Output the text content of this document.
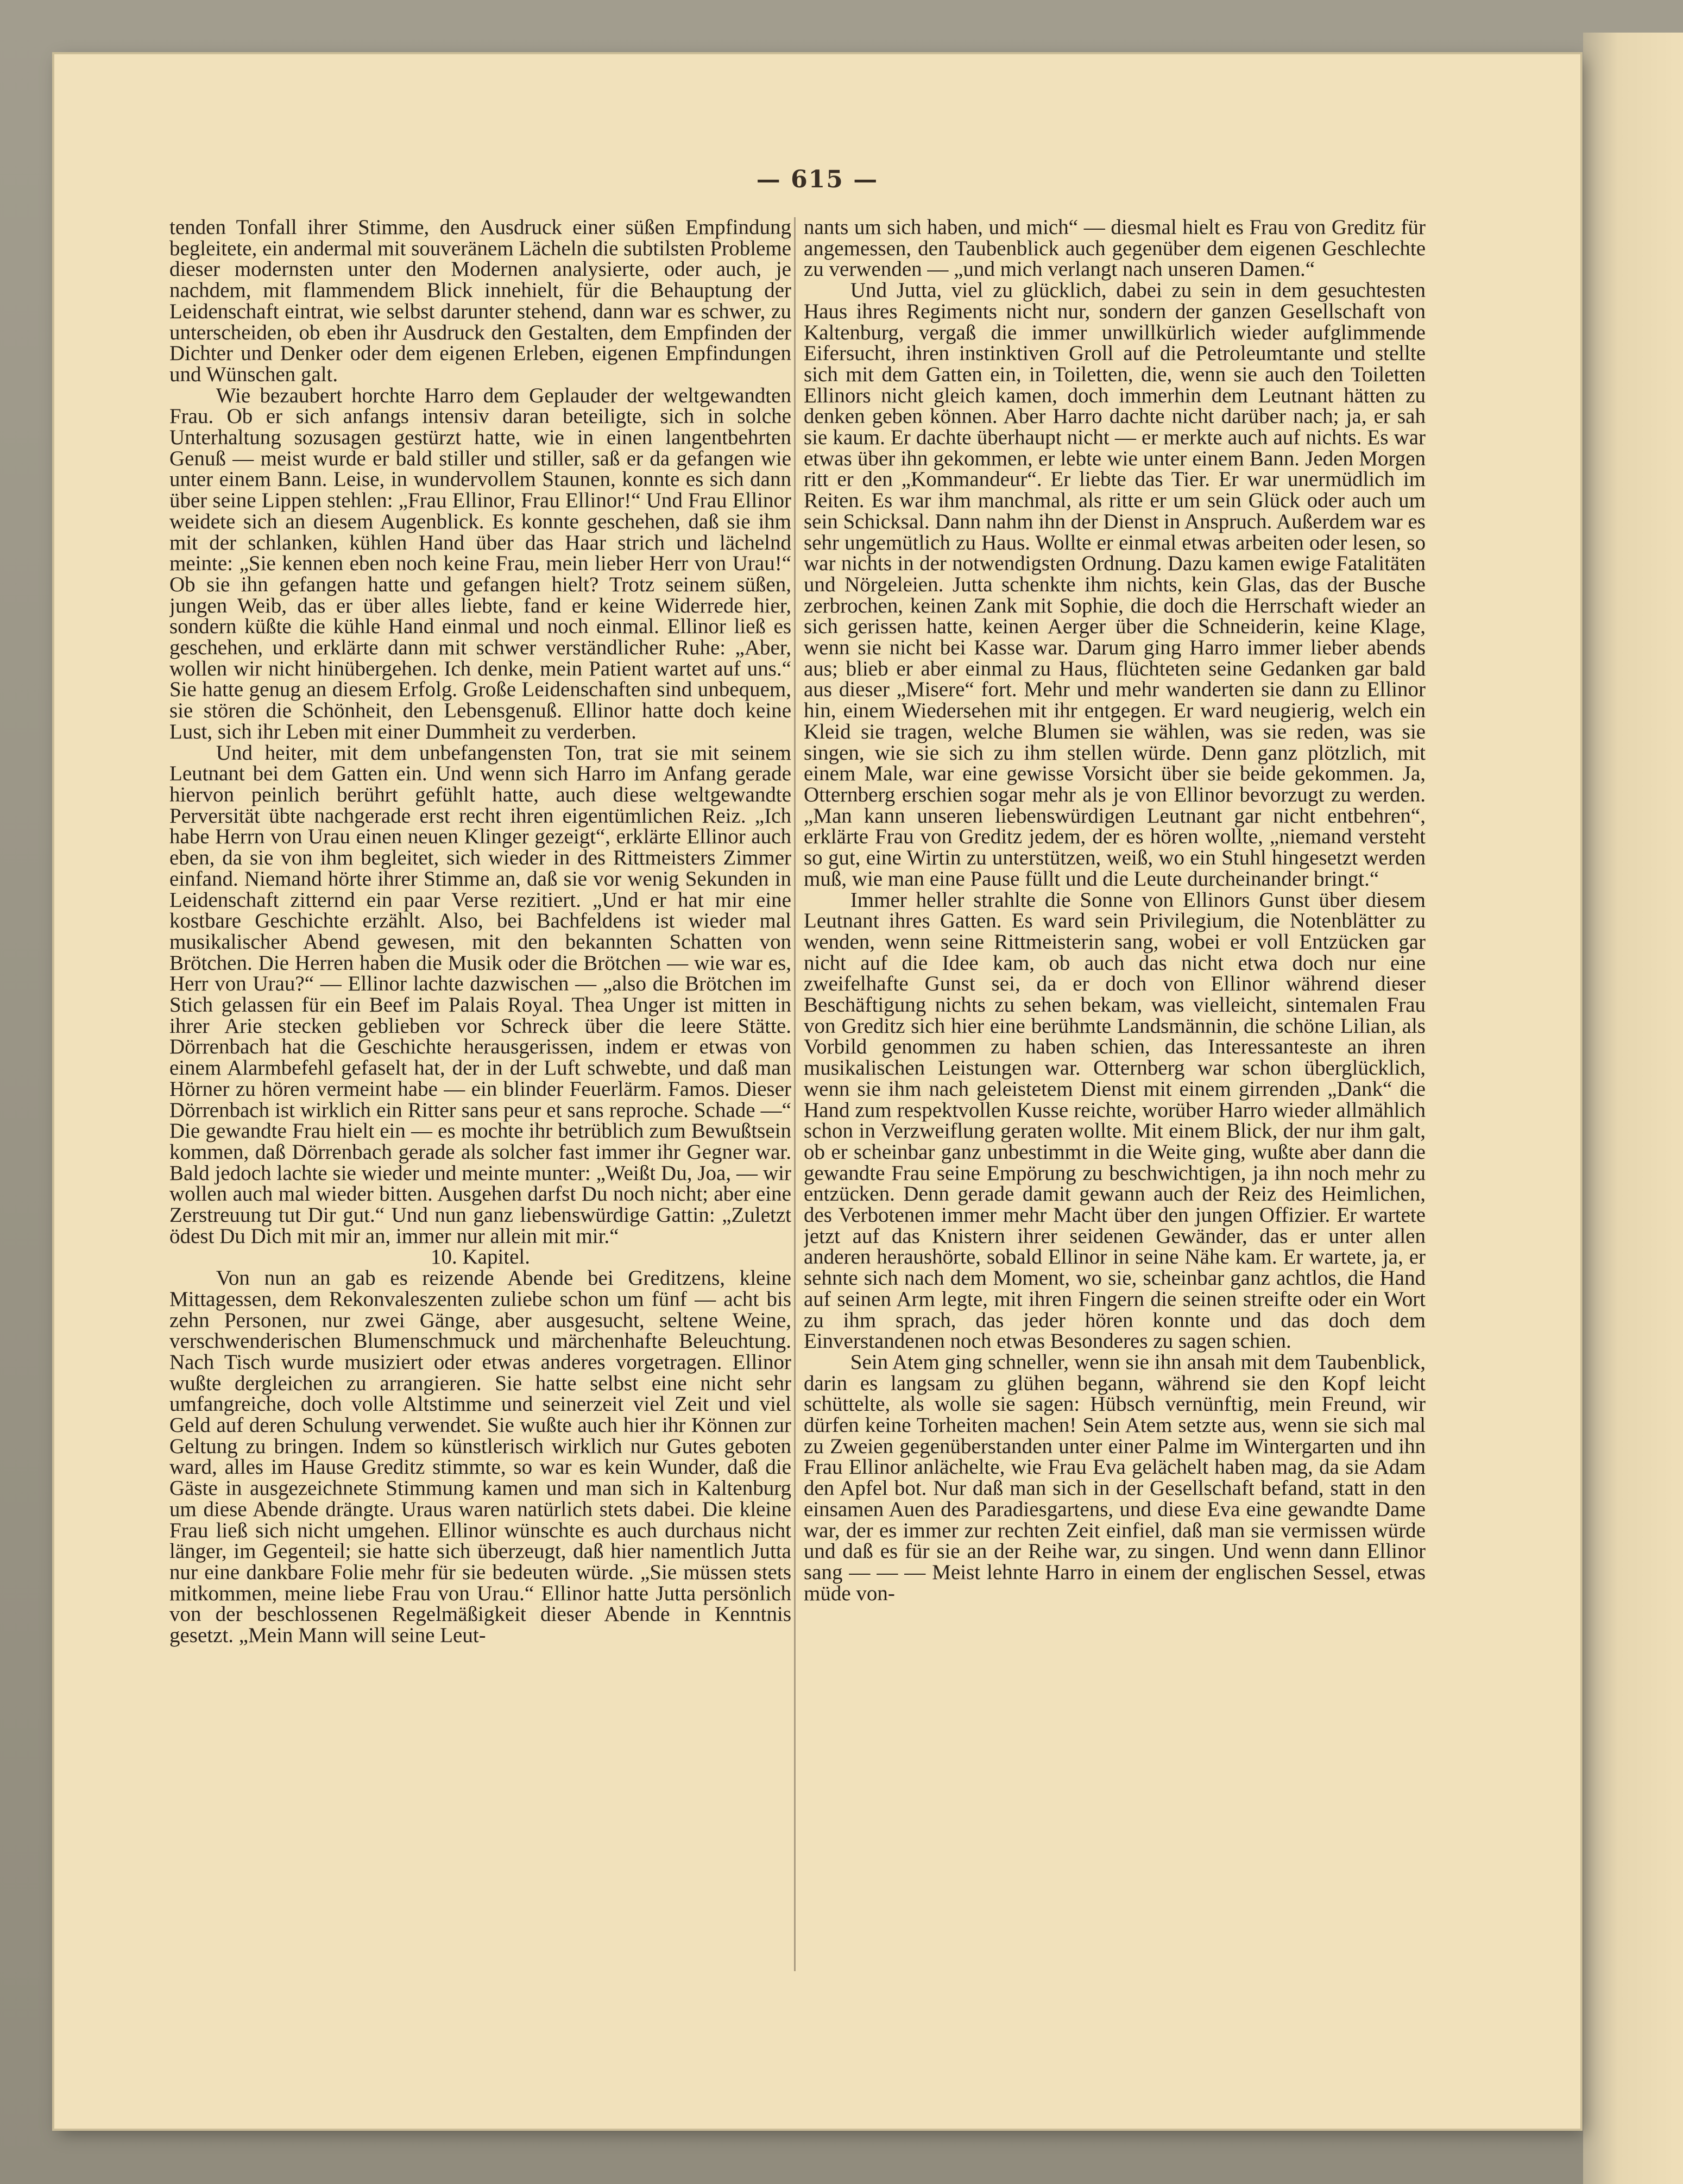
— 615 —

tenden Tonfall ihrer Stimme, den Ausdruck einer süßen Empfindung begleitete, ein andermal mit souveränem Lächeln die subtilsten Probleme dieser modernsten unter den Modernen analysierte, oder auch, je nachdem, mit flammendem Blick innehielt, für die Behauptung der Leidenschaft eintrat, wie selbst darunter stehend, dann war es schwer, zu unterscheiden, ob eben ihr Ausdruck den Gestalten, dem Empfinden der Dichter und Denker oder dem eigenen Erleben, eigenen Empfindungen und Wünschen galt.

Wie bezaubert horchte Harro dem Geplauder der weltgewandten Frau. Ob er sich anfangs intensiv daran beteiligte, sich in solche Unterhaltung sozusagen gestürzt hatte, wie in einen langentbehrten Genuß — meist wurde er bald stiller und stiller, saß er da gefangen wie unter einem Bann. Leise, in wundervollem Staunen, konnte es sich dann über seine Lippen stehlen: „Frau Ellinor, Frau Ellinor!“ Und Frau Ellinor weidete sich an diesem Augenblick. Es konnte geschehen, daß sie ihm mit der schlanken, kühlen Hand über das Haar strich und lächelnd meinte: „Sie kennen eben noch keine Frau, mein lieber Herr von Urau!“ Ob sie ihn gefangen hatte und gefangen hielt? Trotz seinem süßen, jungen Weib, das er über alles liebte, fand er keine Widerrede hier, sondern küßte die kühle Hand einmal und noch einmal. Ellinor ließ es geschehen, und erklärte dann mit schwer verständlicher Ruhe: „Aber, wollen wir nicht hinübergehen. Ich denke, mein Patient wartet auf uns.“ Sie hatte genug an diesem Erfolg. Große Leidenschaften sind unbequem, sie stören die Schönheit, den Lebensgenuß. Ellinor hatte doch keine Lust, sich ihr Leben mit einer Dummheit zu verderben.

Und heiter, mit dem unbefangensten Ton, trat sie mit seinem Leutnant bei dem Gatten ein. Und wenn sich Harro im Anfang gerade hiervon peinlich berührt gefühlt hatte, auch diese weltgewandte Perversität übte nachgerade erst recht ihren eigentümlichen Reiz. „Ich habe Herrn von Urau einen neuen Klinger gezeigt“, erklärte Ellinor auch eben, da sie von ihm begleitet, sich wieder in des Rittmeisters Zimmer einfand. Niemand hörte ihrer Stimme an, daß sie vor wenig Sekunden in Leidenschaft zitternd ein paar Verse rezitiert. „Und er hat mir eine kostbare Geschichte erzählt. Also, bei Bachfeldens ist wieder mal musikalischer Abend gewesen, mit den bekannten Schatten von Brötchen. Die Herren haben die Musik oder die Brötchen — wie war es, Herr von Urau?“ — Ellinor lachte dazwischen — „also die Brötchen im Stich gelassen für ein Beef im Palais Royal. Thea Unger ist mitten in ihrer Arie stecken geblieben vor Schreck über die leere Stätte. Dörrenbach hat die Geschichte herausgerissen, indem er etwas von einem Alarmbefehl gefaselt hat, der in der Luft schwebte, und daß man Hörner zu hören vermeint habe — ein blinder Feuerlärm. Famos. Dieser Dörrenbach ist wirklich ein Ritter sans peur et sans reproche. Schade —“ Die gewandte Frau hielt ein — es mochte ihr betrüblich zum Bewußtsein kommen, daß Dörrenbach gerade als solcher fast immer ihr Gegner war. Bald jedoch lachte sie wieder und meinte munter: „Weißt Du, Joa, — wir wollen auch mal wieder bitten. Ausgehen darfst Du noch nicht; aber eine Zerstreuung tut Dir gut.“ Und nun ganz liebenswürdige Gattin: „Zuletzt ödest Du Dich mit mir an, immer nur allein mit mir.“

10. Kapitel.

Von nun an gab es reizende Abende bei Greditzens, kleine Mittagessen, dem Rekonvaleszenten zuliebe schon um fünf — acht bis zehn Personen, nur zwei Gänge, aber ausgesucht, seltene Weine, verschwenderischen Blumenschmuck und märchenhafte Beleuchtung. Nach Tisch wurde musiziert oder etwas anderes vorgetragen. Ellinor wußte dergleichen zu arrangieren. Sie hatte selbst eine nicht sehr umfangreiche, doch volle Altstimme und seinerzeit viel Zeit und viel Geld auf deren Schulung verwendet. Sie wußte auch hier ihr Können zur Geltung zu bringen. Indem so künstlerisch wirklich nur Gutes geboten ward, alles im Hause Greditz stimmte, so war es kein Wunder, daß die Gäste in ausgezeichnete Stimmung kamen und man sich in Kaltenburg um diese Abende drängte. Uraus waren natürlich stets dabei. Die kleine Frau ließ sich nicht umgehen. Ellinor wünschte es auch durchaus nicht länger, im Gegenteil; sie hatte sich überzeugt, daß hier namentlich Jutta nur eine dankbare Folie mehr für sie bedeuten würde. „Sie müssen stets mitkommen, meine liebe Frau von Urau.“ Ellinor hatte Jutta persönlich von der beschlossenen Regelmäßigkeit dieser Abende in Kenntnis gesetzt. „Mein Mann will seine Leut-

nants um sich haben, und mich“ — diesmal hielt es Frau von Greditz für angemessen, den Taubenblick auch gegenüber dem eigenen Geschlechte zu verwenden — „und mich verlangt nach unseren Damen.“

Und Jutta, viel zu glücklich, dabei zu sein in dem gesuchtesten Haus ihres Regiments nicht nur, sondern der ganzen Gesellschaft von Kaltenburg, vergaß die immer unwillkürlich wieder aufglimmende Eifersucht, ihren instinktiven Groll auf die Petroleumtante und stellte sich mit dem Gatten ein, in Toiletten, die, wenn sie auch den Toiletten Ellinors nicht gleich kamen, doch immerhin dem Leutnant hätten zu denken geben können. Aber Harro dachte nicht darüber nach; ja, er sah sie kaum. Er dachte überhaupt nicht — er merkte auch auf nichts. Es war etwas über ihn gekommen, er lebte wie unter einem Bann. Jeden Morgen ritt er den „Kommandeur“. Er liebte das Tier. Er war unermüdlich im Reiten. Es war ihm manchmal, als ritte er um sein Glück oder auch um sein Schicksal. Dann nahm ihn der Dienst in Anspruch. Außerdem war es sehr ungemütlich zu Haus. Wollte er einmal etwas arbeiten oder lesen, so war nichts in der notwendigsten Ordnung. Dazu kamen ewige Fatalitäten und Nörgeleien. Jutta schenkte ihm nichts, kein Glas, das der Busche zerbrochen, keinen Zank mit Sophie, die doch die Herrschaft wieder an sich gerissen hatte, keinen Aerger über die Schneiderin, keine Klage, wenn sie nicht bei Kasse war. Darum ging Harro immer lieber abends aus; blieb er aber einmal zu Haus, flüchteten seine Gedanken gar bald aus dieser „Misere“ fort. Mehr und mehr wanderten sie dann zu Ellinor hin, einem Wiedersehen mit ihr entgegen. Er ward neugierig, welch ein Kleid sie tragen, welche Blumen sie wählen, was sie reden, was sie singen, wie sie sich zu ihm stellen würde. Denn ganz plötzlich, mit einem Male, war eine gewisse Vorsicht über sie beide gekommen. Ja, Otternberg erschien sogar mehr als je von Ellinor bevorzugt zu werden. „Man kann unseren liebenswürdigen Leutnant gar nicht entbehren“, erklärte Frau von Greditz jedem, der es hören wollte, „niemand versteht so gut, eine Wirtin zu unterstützen, weiß, wo ein Stuhl hingesetzt werden muß, wie man eine Pause füllt und die Leute durcheinander bringt.“

Immer heller strahlte die Sonne von Ellinors Gunst über diesem Leutnant ihres Gatten. Es ward sein Privilegium, die Notenblätter zu wenden, wenn seine Rittmeisterin sang, wobei er voll Entzücken gar nicht auf die Idee kam, ob auch das nicht etwa doch nur eine zweifelhafte Gunst sei, da er doch von Ellinor während dieser Beschäftigung nichts zu sehen bekam, was vielleicht, sintemalen Frau von Greditz sich hier eine berühmte Landsmännin, die schöne Lilian, als Vorbild genommen zu haben schien, das Interessanteste an ihren musikalischen Leistungen war. Otternberg war schon überglücklich, wenn sie ihm nach geleistetem Dienst mit einem girrenden „Dank“ die Hand zum respektvollen Kusse reichte, worüber Harro wieder allmählich schon in Verzweiflung geraten wollte. Mit einem Blick, der nur ihm galt, ob er scheinbar ganz unbestimmt in die Weite ging, wußte aber dann die gewandte Frau seine Empörung zu beschwichtigen, ja ihn noch mehr zu entzücken. Denn gerade damit gewann auch der Reiz des Heimlichen, des Verbotenen immer mehr Macht über den jungen Offizier. Er wartete jetzt auf das Knistern ihrer seidenen Gewänder, das er unter allen anderen heraushörte, sobald Ellinor in seine Nähe kam. Er wartete, ja, er sehnte sich nach dem Moment, wo sie, scheinbar ganz achtlos, die Hand auf seinen Arm legte, mit ihren Fingern die seinen streifte oder ein Wort zu ihm sprach, das jeder hören konnte und das doch dem Einverstandenen noch etwas Besonderes zu sagen schien.

Sein Atem ging schneller, wenn sie ihn ansah mit dem Taubenblick, darin es langsam zu glühen begann, während sie den Kopf leicht schüttelte, als wolle sie sagen: Hübsch vernünftig, mein Freund, wir dürfen keine Torheiten machen! Sein Atem setzte aus, wenn sie sich mal zu Zweien gegenüberstanden unter einer Palme im Wintergarten und ihn Frau Ellinor anlächelte, wie Frau Eva gelächelt haben mag, da sie Adam den Apfel bot. Nur daß man sich in der Gesellschaft befand, statt in den einsamen Auen des Paradiesgartens, und diese Eva eine gewandte Dame war, der es immer zur rechten Zeit einfiel, daß man sie vermissen würde und daß es für sie an der Reihe war, zu singen. Und wenn dann Ellinor sang — — — Meist lehnte Harro in einem der englischen Sessel, etwas müde von-
